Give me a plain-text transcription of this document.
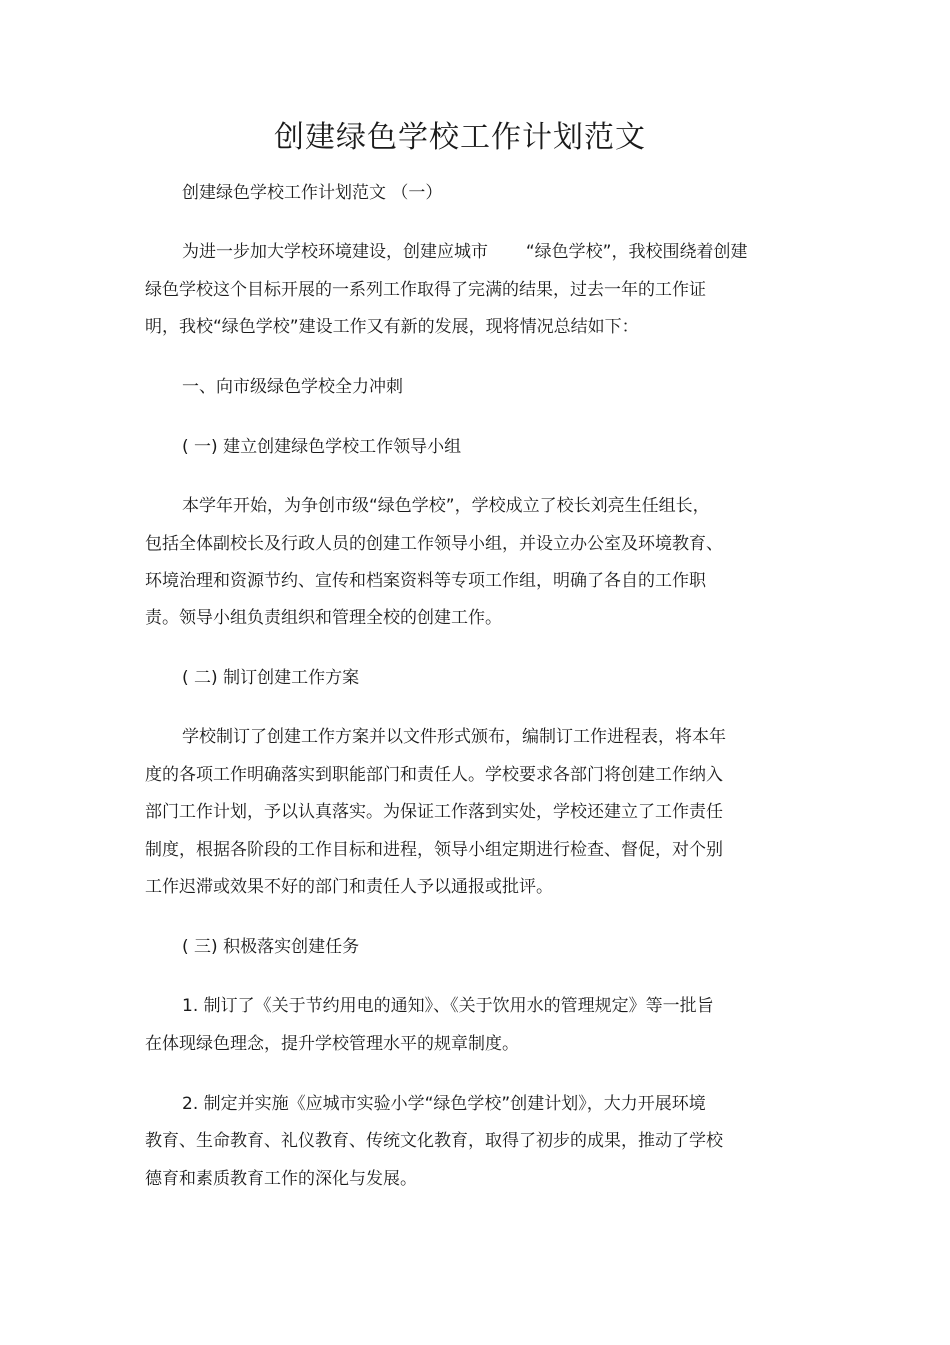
创建绿色学校工作计划范文

创建绿色学校工作计划范文 （一）

为进一步加大学校环境建设，创建应城市       “绿色学校”，我校围绕着创建

绿色学校这个目标开展的一系列工作取得了完满的结果，过去一年的工作证

明，我校“绿色学校”建设工作又有新的发展，现将情况总结如下：

一、向市级绿色学校全力冲刺

( 一) 建立创建绿色学校工作领导小组

本学年开始，为争创市级“绿色学校”，学校成立了校长刘亮生任组长，

包括全体副校长及行政人员的创建工作领导小组，并设立办公室及环境教育、

环境治理和资源节约、宣传和档案资料等专项工作组，明确了各自的工作职

责。领导小组负责组织和管理全校的创建工作。

( 二) 制订创建工作方案

学校制订了创建工作方案并以文件形式颁布，编制订工作进程表，将本年

度的各项工作明确落实到职能部门和责任人。学校要求各部门将创建工作纳入

部门工作计划，予以认真落实。为保证工作落到实处，学校还建立了工作责任

制度，根据各阶段的工作目标和进程，领导小组定期进行检查、督促，对个别

工作迟滞或效果不好的部门和责任人予以通报或批评。

( 三) 积极落实创建任务

1. 制订了《关于节约用电的通知》、《关于饮用水的管理规定》等一批旨

在体现绿色理念，提升学校管理水平的规章制度。

2. 制定并实施《应城市实验小学“绿色学校”创建计划》，大力开展环境

教育、生命教育、礼仪教育、传统文化教育，取得了初步的成果，推动了学校

德育和素质教育工作的深化与发展。
